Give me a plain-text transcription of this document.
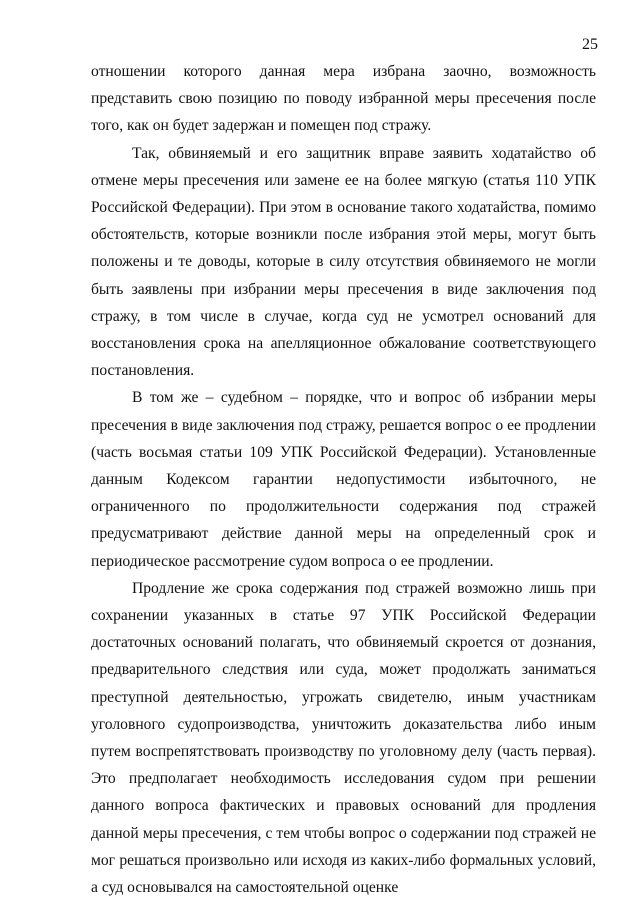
25

отношении которого данная мера избрана заочно, возможность представить свою позицию по поводу избранной меры пресечения после того, как он будет задержан и помещен под стражу.

Так, обвиняемый и его защитник вправе заявить ходатайство об отмене меры пресечения или замене ее на более мягкую (статья 110 УПК Российской Федерации). При этом в основание такого ходатайства, помимо обстоятельств, которые возникли после избрания этой меры, могут быть положены и те доводы, которые в силу отсутствия обвиняемого не могли быть заявлены при избрании меры пресечения в виде заключения под стражу, в том числе в случае, когда суд не усмотрел оснований для восстановления срока на апелляционное обжалование соответствующего постановления.

В том же – судебном – порядке, что и вопрос об избрании меры пресечения в виде заключения под стражу, решается вопрос о ее продлении (часть восьмая статьи 109 УПК Российской Федерации). Установленные данным Кодексом гарантии недопустимости избыточного, не ограниченного по продолжительности содержания под стражей предусматривают действие данной меры на определенный срок и периодическое рассмотрение судом вопроса о ее продлении.

Продление же срока содержания под стражей возможно лишь при сохранении указанных в статье 97 УПК Российской Федерации достаточных оснований полагать, что обвиняемый скроется от дознания, предварительного следствия или суда, может продолжать заниматься преступной деятельностью, угрожать свидетелю, иным участникам уголовного судопроизводства, уничтожить доказательства либо иным путем воспрепятствовать производству по уголовному делу (часть первая). Это предполагает необходимость исследования судом при решении данного вопроса фактических и правовых оснований для продления данной меры пресечения, с тем чтобы вопрос о содержании под стражей не мог решаться произвольно или исходя из каких-либо формальных условий, а суд основывался на самостоятельной оценке
